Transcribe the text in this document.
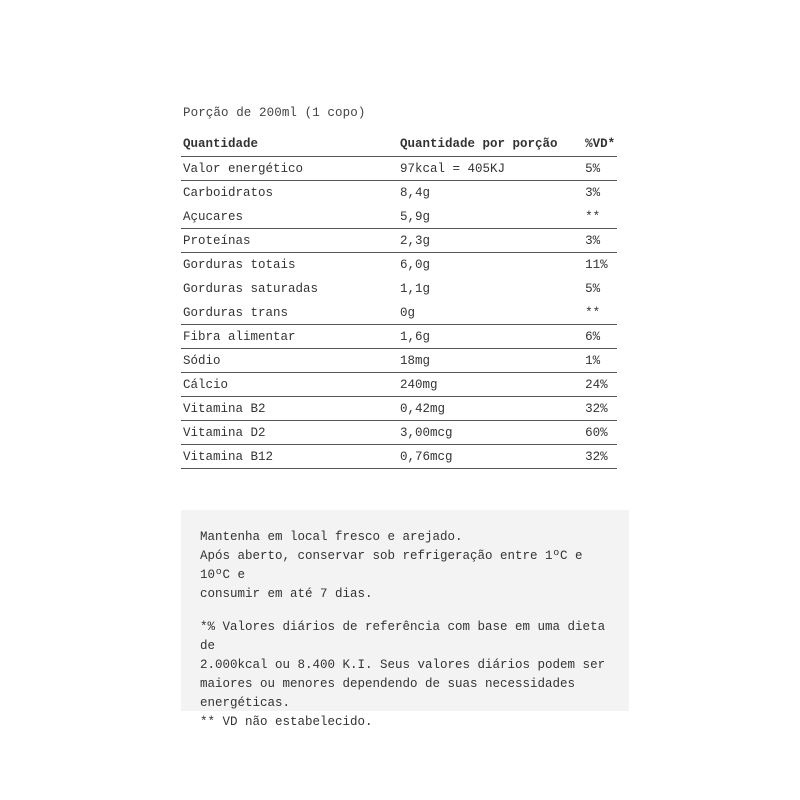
Porção de 200ml (1 copo)
Quantidade	Quantidade por porção	%VD*
Valor energético	97kcal = 405KJ	5%
Carboidratos	8,4g	3%
Açucares	5,9g	**
Proteínas	2,3g	3%
Gorduras totais	6,0g	11%
Gorduras saturadas	1,1g	5%
Gorduras trans	0g	**
Fibra alimentar	1,6g	6%
Sódio	18mg	1%
Cálcio	240mg	24%
Vitamina B2	0,42mg	32%
Vitamina D2	3,00mcg	60%
Vitamina B12	0,76mcg	32%

Mantenha em local fresco e arejado.
Após aberto, conservar sob refrigeração entre 1ºC e 10ºC e
consumir em até 7 dias.

*% Valores diários de referência com base em uma dieta de
2.000kcal ou 8.400 K.I. Seus valores diários podem ser
maiores ou menores dependendo de suas necessidades
energéticas.
** VD não estabelecido.
